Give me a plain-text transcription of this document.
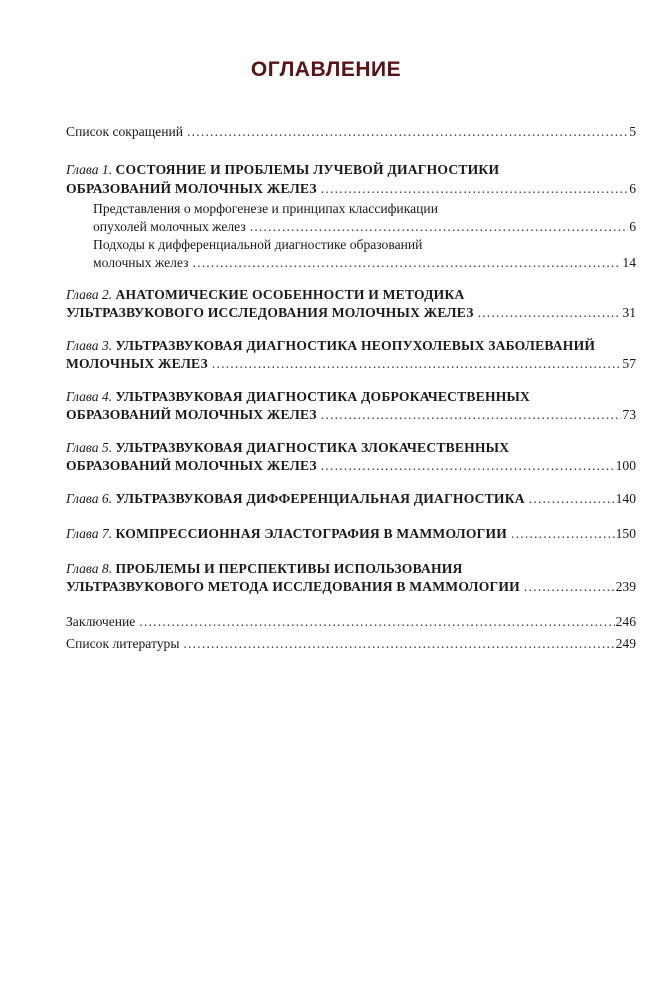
ОГЛАВЛЕНИЕ
Список сокращений .....	5
Глава 1. СОСТОЯНИЕ И ПРОБЛЕМЫ ЛУЧЕВОЙ ДИАГНОСТИКИ
ОБРАЗОВАНИЙ МОЛОЧНЫХ ЖЕЛЕЗ .....	6
Представления о морфогенезе и принципах классификации
опухолей молочных желез .....	6
Подходы к дифференциальной диагностике образований
молочных желез .....	14
Глава 2. АНАТОМИЧЕСКИЕ ОСОБЕННОСТИ И МЕТОДИКА
УЛЬТРАЗВУКОВОГО ИССЛЕДОВАНИЯ МОЛОЧНЫХ ЖЕЛЕЗ .....	31
Глава 3. УЛЬТРАЗВУКОВАЯ ДИАГНОСТИКА НЕОПУХОЛЕВЫХ ЗАБОЛЕВАНИЙ
МОЛОЧНЫХ ЖЕЛЕЗ .....	57
Глава 4. УЛЬТРАЗВУКОВАЯ ДИАГНОСТИКА ДОБРОКАЧЕСТВЕННЫХ
ОБРАЗОВАНИЙ МОЛОЧНЫХ ЖЕЛЕЗ .....	73
Глава 5. УЛЬТРАЗВУКОВАЯ ДИАГНОСТИКА ЗЛОКАЧЕСТВЕННЫХ
ОБРАЗОВАНИЙ МОЛОЧНЫХ ЖЕЛЕЗ .....	100
Глава 6. УЛЬТРАЗВУКОВАЯ ДИФФЕРЕНЦИАЛЬНАЯ ДИАГНОСТИКА .....	140
Глава 7. КОМПРЕССИОННАЯ ЭЛАСТОГРАФИЯ В МАММОЛОГИИ .....	150
Глава 8. ПРОБЛЕМЫ И ПЕРСПЕКТИВЫ ИСПОЛЬЗОВАНИЯ
УЛЬТРАЗВУКОВОГО МЕТОДА ИССЛЕДОВАНИЯ В МАММОЛОГИИ .....	239
Заключение .....	246
Список литературы .....	249
